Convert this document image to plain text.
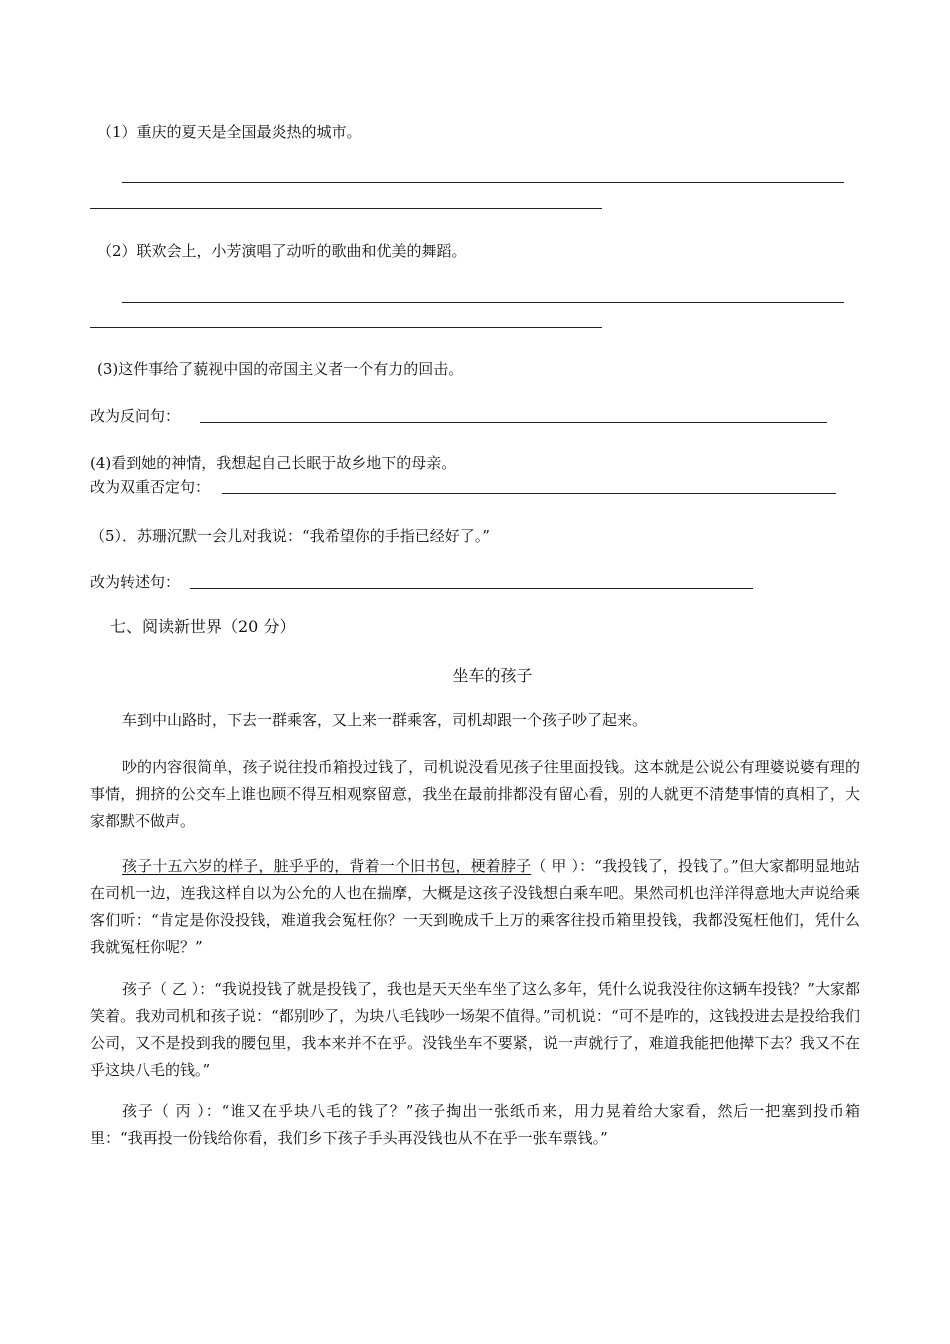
（1）重庆的夏天是全国最炎热的城市。
（2）联欢会上，小芳演唱了动听的歌曲和优美的舞蹈。
(3)这件事给了藐视中国的帝国主义者一个有力的回击。
改为反问句：
(4)看到她的神情，我想起自己长眠于故乡地下的母亲。
改为双重否定句：
（5）．苏珊沉默一会儿对我说：“我希望你的手指已经好了。”
改为转述句：
七、阅读新世界（20 分）
坐车的孩子

车到中山路时，下去一群乘客，又上来一群乘客，司机却跟一个孩子吵了起来。

吵的内容很简单，孩子说往投币箱投过钱了，司机说没看见孩子往里面投钱。这本就是公说公有理婆说婆有理的事情，拥挤的公交车上谁也顾不得互相观察留意，我坐在最前排都没有留心看，别的人就更不清楚事情的真相了，大家都默不做声。

孩子十五六岁的样子，脏乎乎的，背着一个旧书包，梗着脖子（ 甲 ）：“我投钱了，投钱了。”但大家都明显地站在司机一边，连我这样自以为公允的人也在揣摩，大概是这孩子没钱想白乘车吧。果然司机也洋洋得意地大声说给乘客们听：“肯定是你没投钱，难道我会冤枉你？一天到晚成千上万的乘客往投币箱里投钱，我都没冤枉他们，凭什么我就冤枉你呢？”

孩子（ 乙 ）：“我说投钱了就是投钱了，我也是天天坐车坐了这么多年，凭什么说我没往你这辆车投钱？”大家都笑着。我劝司机和孩子说：“都别吵了，为块八毛钱吵一场架不值得。”司机说：“可不是咋的，这钱投进去是投给我们公司，又不是投到我的腰包里，我本来并不在乎。没钱坐车不要紧，说一声就行了，难道我能把他撵下去？我又不在乎这块八毛的钱。”

孩子（ 丙 ）：“谁又在乎块八毛的钱了？”孩子掏出一张纸币来，用力晃着给大家看，然后一把塞到投币箱里：“我再投一份钱给你看，我们乡下孩子手头再没钱也从不在乎一张车票钱。”
